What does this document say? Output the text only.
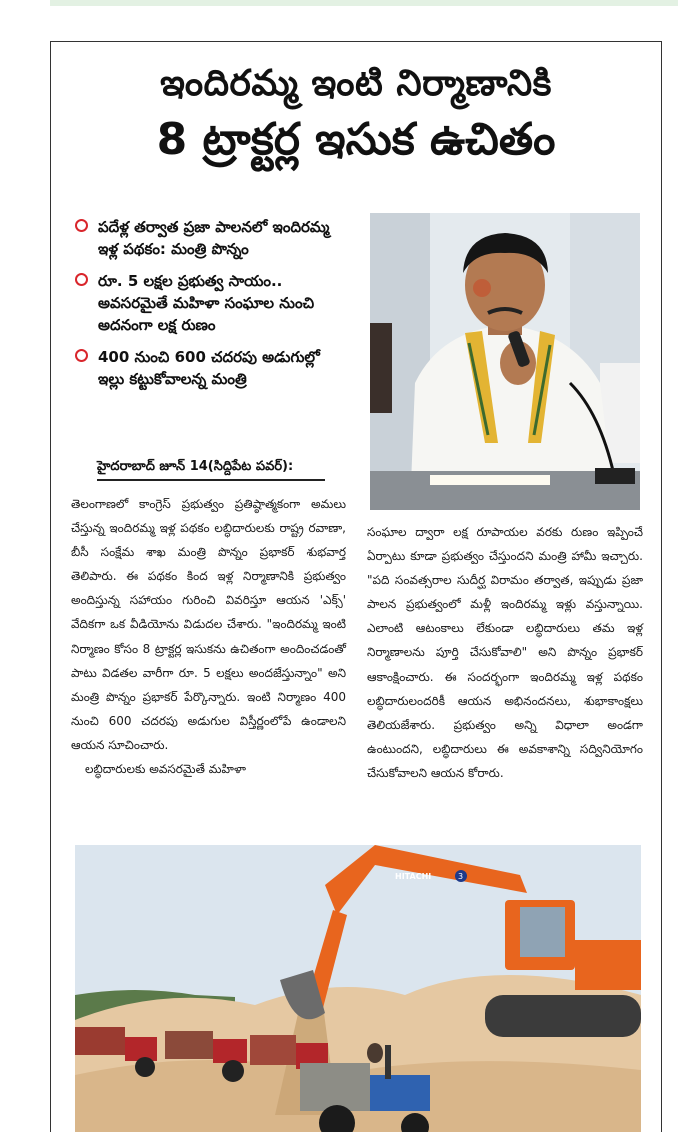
ఇందిరమ్మ ఇంటి నిర్మాణానికి
8 ట్రాక్టర్ల ఇసుక ఉచితం
పదేళ్ల తర్వాత ప్రజా పాలనలో ఇందిరమ్మ ఇళ్ల పథకం: మంత్రి పొన్నం
రూ. 5 లక్షల ప్రభుత్వ సాయం.. అవసరమైతే మహిళా సంఘాల నుంచి అదనంగా లక్ష రుణం
400 నుంచి 600 చదరపు అడుగుల్లో ఇల్లు కట్టుకోవాలన్న మంత్రి
హైదరాబాద్ జూన్ 14(సిద్దిపేట పవర్):

తెలంగాణలో కాంగ్రెస్ ప్రభుత్వం ప్రతిష్ఠాత్మకంగా అమలు చేస్తున్న ఇందిరమ్మ ఇళ్ల పథకం లబ్ధిదారులకు రాష్ట్ర రవాణా, బీసీ సంక్షేమ శాఖ మంత్రి పొన్నం ప్రభాకర్ శుభవార్త తెలిపారు. ఈ పథకం కింద ఇళ్ల నిర్మాణానికి ప్రభుత్వం అందిస్తున్న సహాయం గురించి వివరిస్తూ ఆయన 'ఎక్స్' వేదికగా ఒక వీడియోను విడుదల చేశారు. "ఇందిరమ్మ ఇంటి నిర్మాణం కోసం 8 ట్రాక్టర్ల ఇసుకను ఉచితంగా అందించడంతో పాటు విడతల వారీగా రూ. 5 లక్షలు అందజేస్తున్నాం" అని మంత్రి పొన్నం ప్రభాకర్ పేర్కొన్నారు. ఇంటి నిర్మాణం 400 నుంచి 600 చదరపు అడుగుల విస్తీర్ణంలోపే ఉండాలని ఆయన సూచించారు.

లబ్ధిదారులకు అవసరమైతే మహిళా

సంఘాల ద్వారా లక్ష రూపాయల వరకు రుణం ఇప్పించే ఏర్పాటు కూడా ప్రభుత్వం చేస్తుందని మంత్రి హామీ ఇచ్చారు. "పది సంవత్సరాల సుదీర్ఘ విరామం తర్వాత, ఇప్పుడు ప్రజా పాలన ప్రభుత్వంలో మళ్లీ ఇందిరమ్మ ఇళ్లు వస్తున్నాయి. ఎలాంటి ఆటంకాలు లేకుండా లబ్ధిదారులు తమ ఇళ్ల నిర్మాణాలను పూర్తి చేసుకోవాలి" అని పొన్నం ప్రభాకర్ ఆకాంక్షించారు. ఈ సందర్భంగా ఇందిరమ్మ ఇళ్ల పథకం లబ్ధిదారులందరికీ ఆయన అభినందనలు, శుభాకాంక్షలు తెలియజేశారు. ప్రభుత్వం అన్ని విధాలా అండగా ఉంటుందని, లబ్ధిదారులు ఈ అవకాశాన్ని సద్వినియోగం చేసుకోవాలని ఆయన కోరారు.

HITACHI	3
